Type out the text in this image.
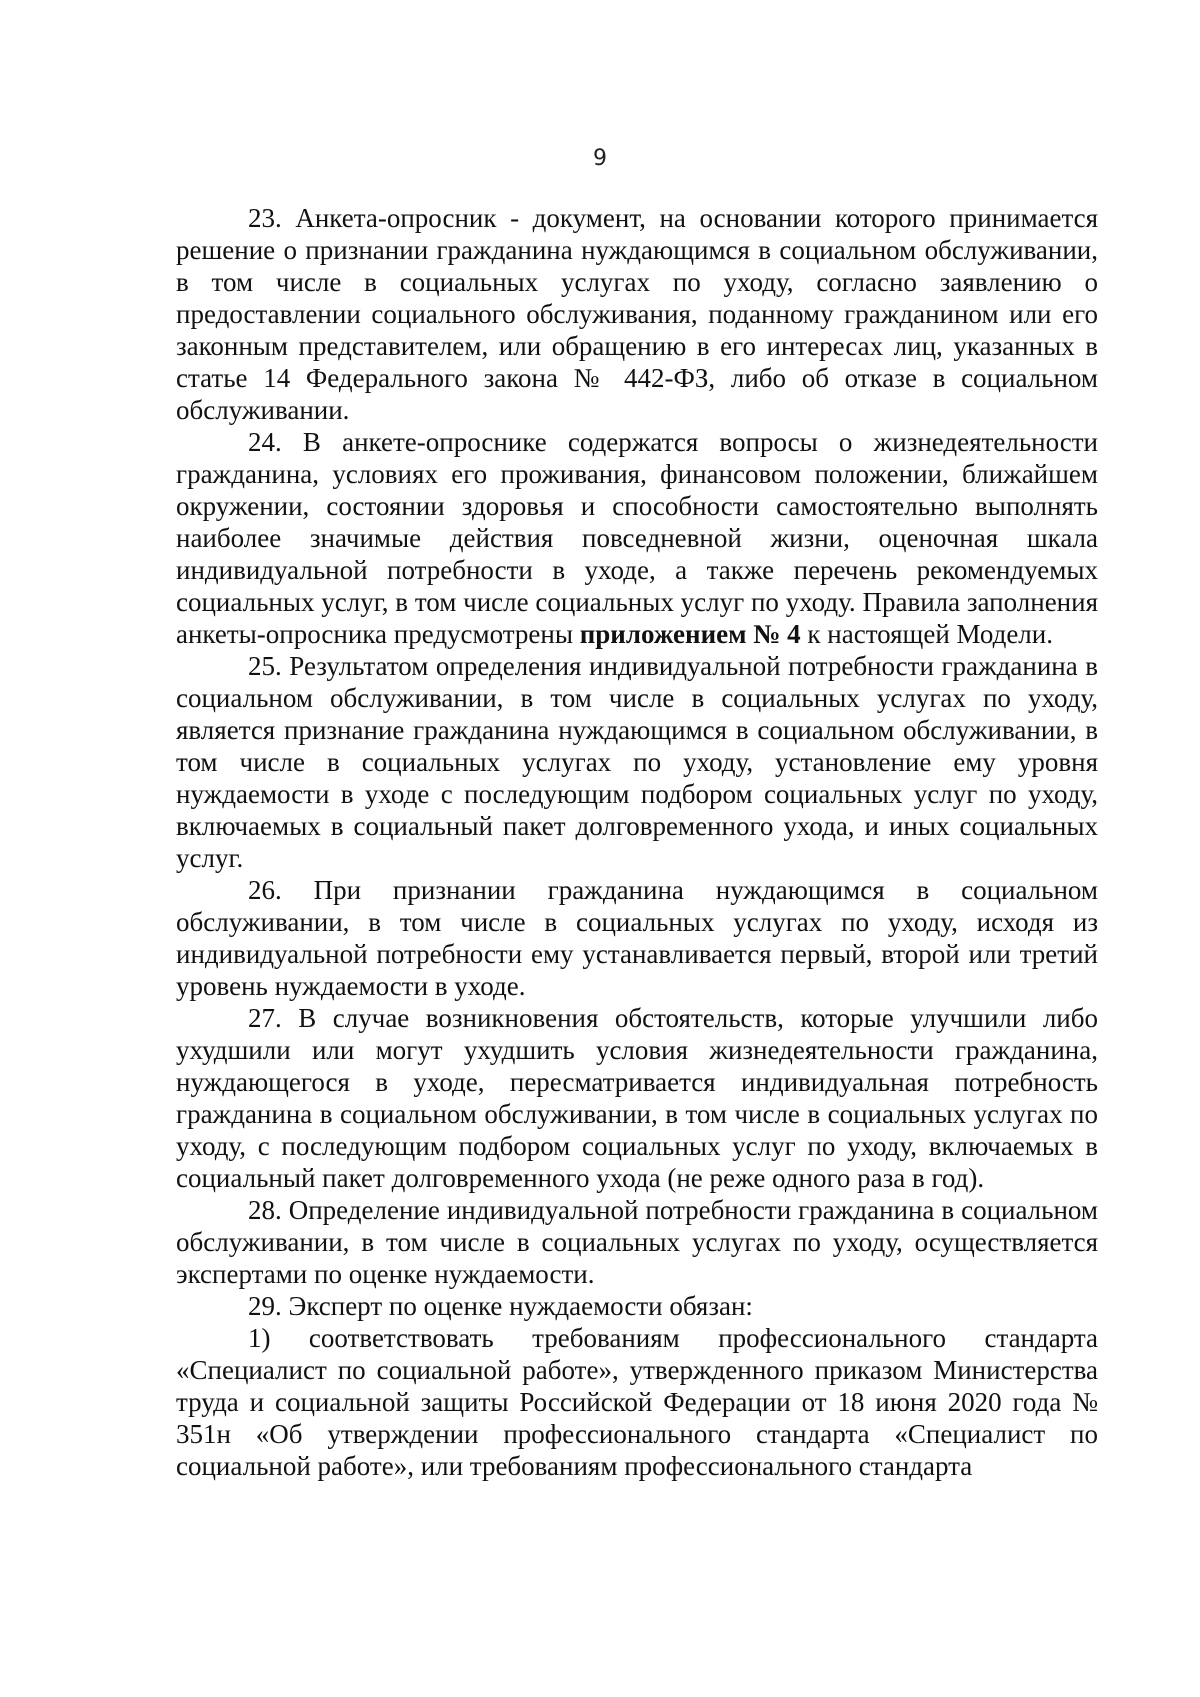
9

23. Анкета-опросник - документ, на основании которого принимается решение о признании гражданина нуждающимся в социальном обслуживании, в том числе в социальных услугах по уходу, согласно заявлению о предоставлении социального обслуживания, поданному гражданином или его законным представителем, или обращению в его интересах лиц, указанных в статье 14 Федерального закона № 442-ФЗ, либо об отказе в социальном обслуживании.

24. В анкете-опроснике содержатся вопросы о жизнедеятельности гражданина, условиях его проживания, финансовом положении, ближайшем окружении, состоянии здоровья и способности самостоятельно выполнять наиболее значимые действия повседневной жизни, оценочная шкала индивидуальной потребности в уходе, а также перечень рекомендуемых социальных услуг, в том числе социальных услуг по уходу. Правила заполнения анкеты-опросника предусмотрены приложением № 4 к настоящей Модели.

25. Результатом определения индивидуальной потребности гражданина в социальном обслуживании, в том числе в социальных услугах по уходу, является признание гражданина нуждающимся в социальном обслуживании, в том числе в социальных услугах по уходу, установление ему уровня нуждаемости в уходе с последующим подбором социальных услуг по уходу, включаемых в социальный пакет долговременного ухода, и иных социальных услуг.

26. При признании гражданина нуждающимся в социальном обслуживании, в том числе в социальных услугах по уходу, исходя из индивидуальной потребности ему устанавливается первый, второй или третий уровень нуждаемости в уходе.

27. В случае возникновения обстоятельств, которые улучшили либо ухудшили или могут ухудшить условия жизнедеятельности гражданина, нуждающегося в уходе, пересматривается индивидуальная потребность гражданина в социальном обслуживании, в том числе в социальных услугах по уходу, с последующим подбором социальных услуг по уходу, включаемых в социальный пакет долговременного ухода (не реже одного раза в год).

28. Определение индивидуальной потребности гражданина в социальном обслуживании, в том числе в социальных услугах по уходу, осуществляется экспертами по оценке нуждаемости.

29. Эксперт по оценке нуждаемости обязан:

1) соответствовать требованиям профессионального стандарта «Специалист по социальной работе», утвержденного приказом Министерства труда и социальной защиты Российской Федерации от 18 июня 2020 года № 351н «Об утверждении профессионального стандарта «Специалист по социальной работе», или требованиям профессионального стандарта
